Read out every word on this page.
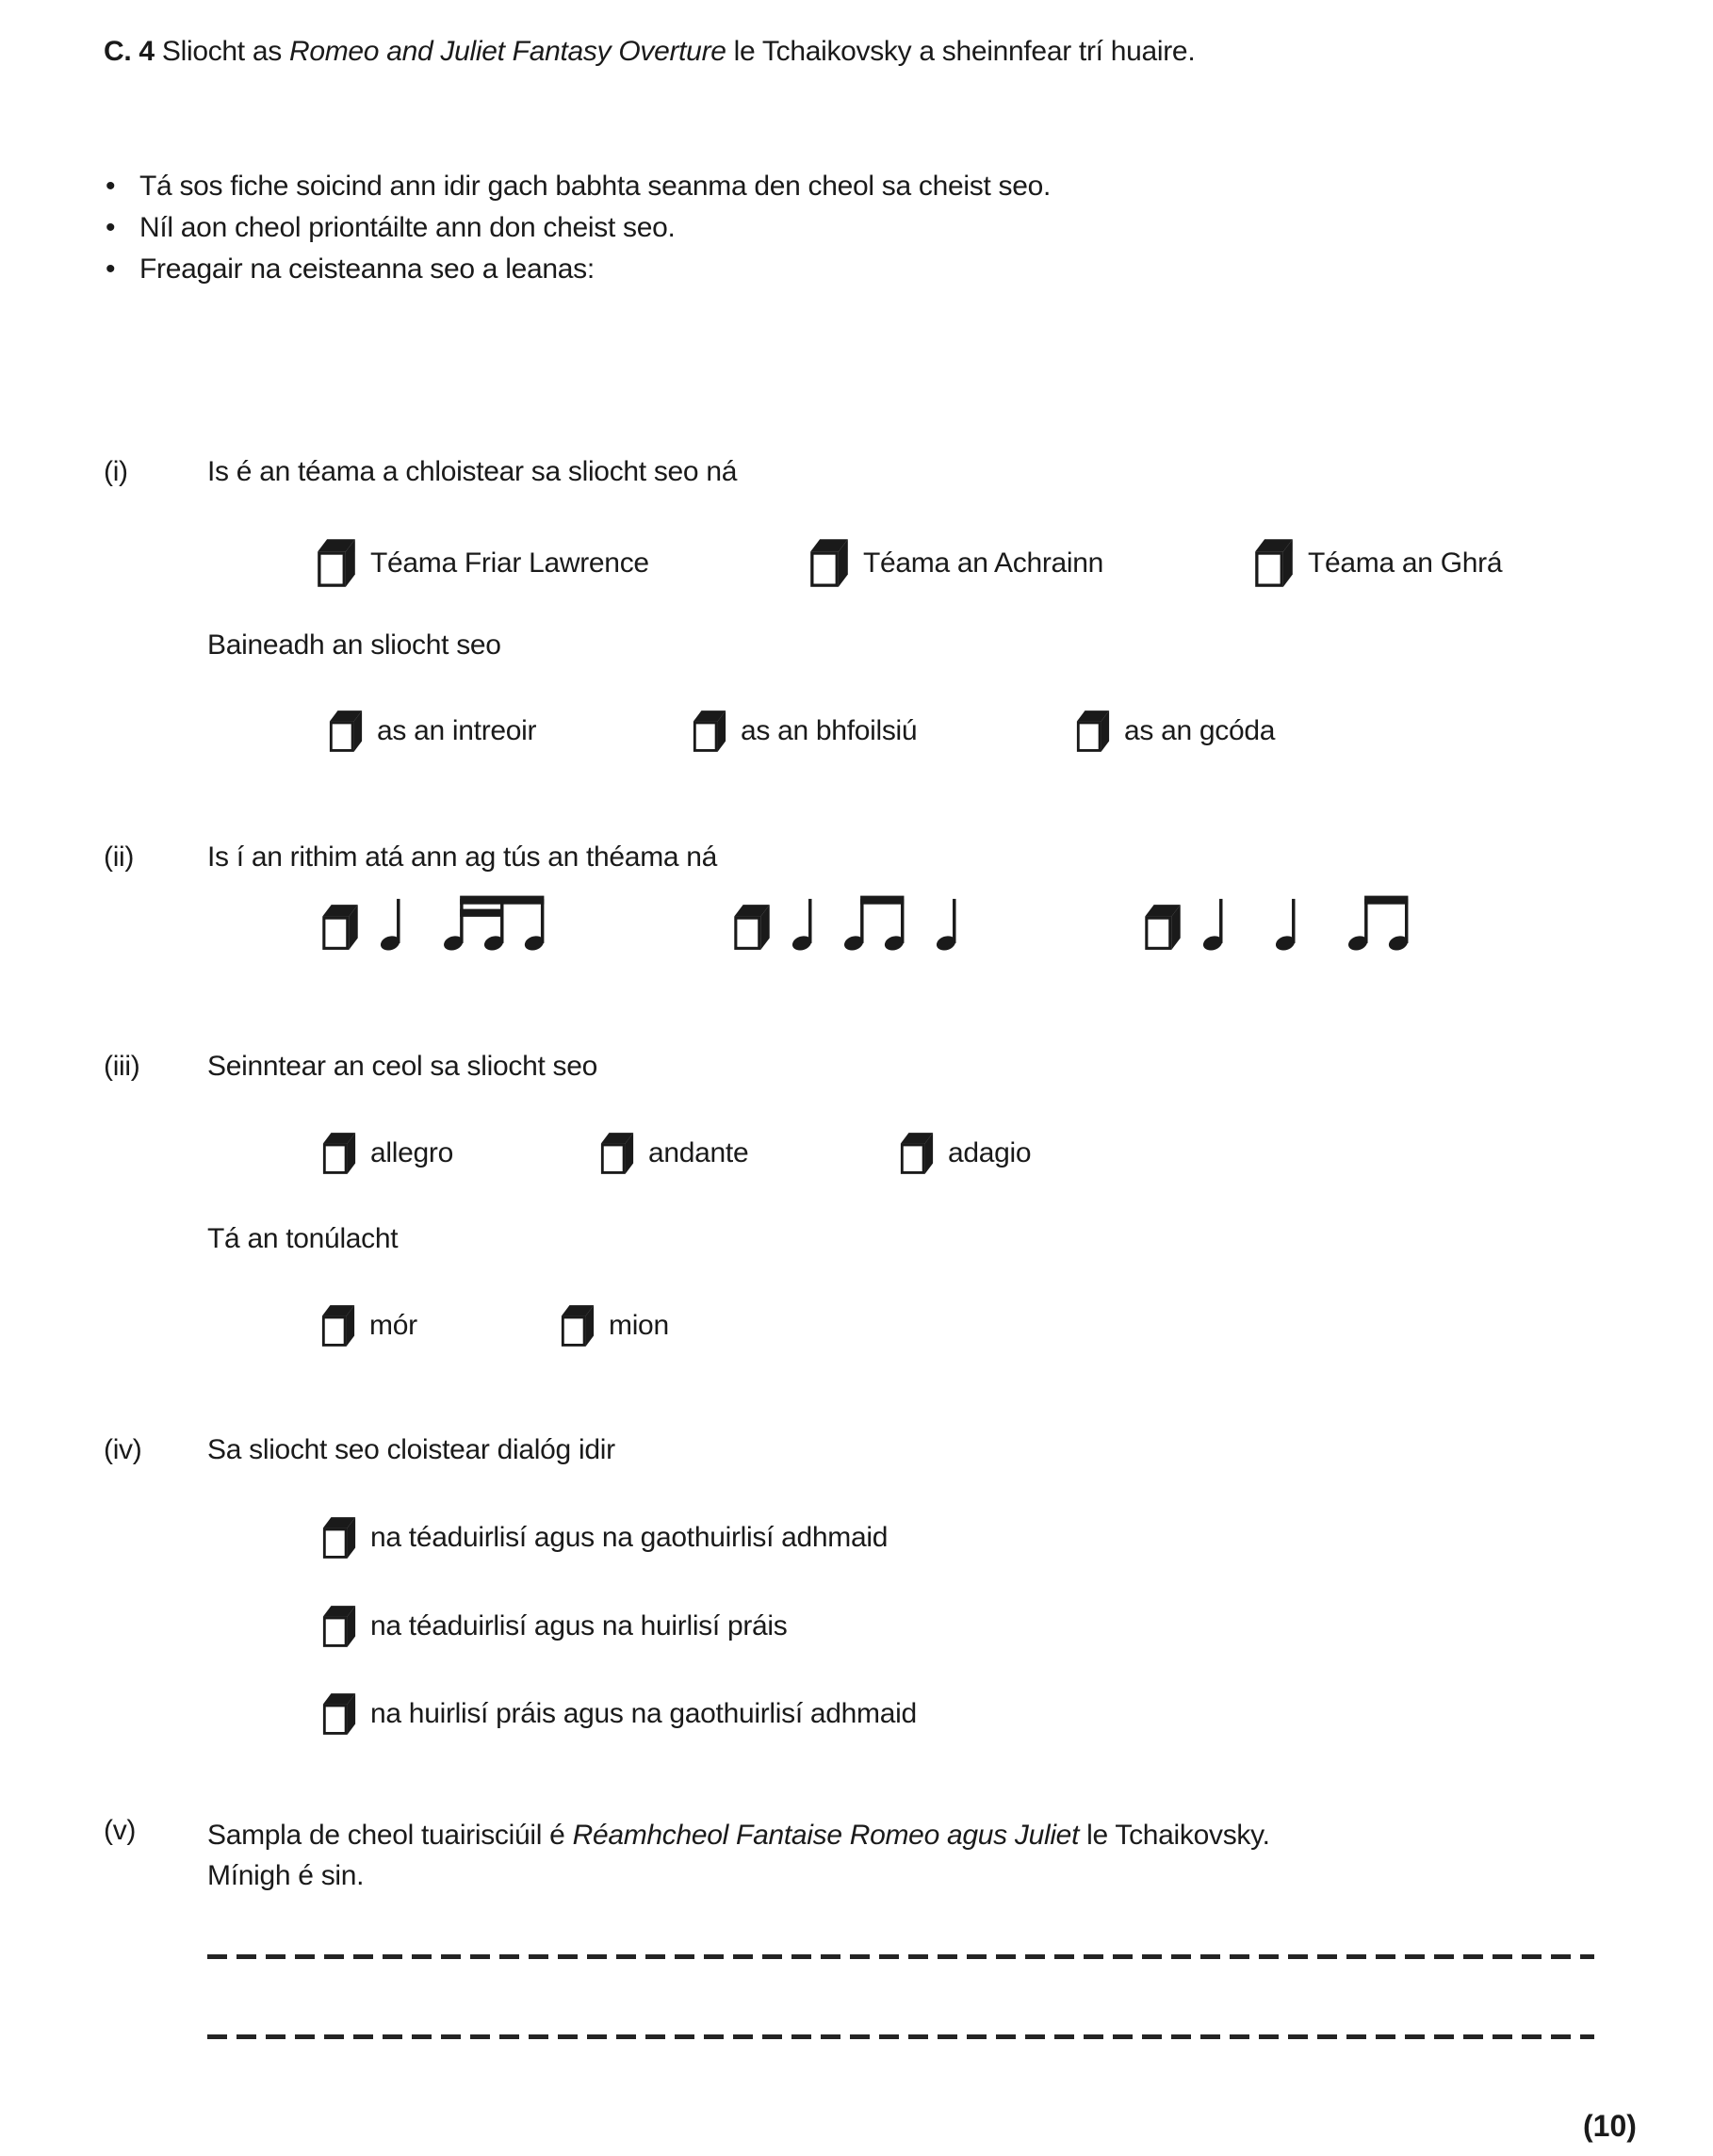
C. 4 Sliocht as Romeo and Juliet Fantasy Overture le Tchaikovsky a sheinnfear trí huaire.
• Tá sos fiche soicind ann idir gach babhta seanma den cheol sa cheist seo.
• Níl aon cheol priontáilte ann don cheist seo.
• Freagair na ceisteanna seo a leanas:
(i)	Is é an téama a chloistear sa sliocht seo ná
Téama Friar Lawrence	Téama an Achrainn	Téama an Ghrá
Baineadh an sliocht seo
as an intreoir	as an bhfoilsiú	as an gcóda
(ii)	Is í an rithim atá ann ag tús an théama ná
(iii) Seinntear an ceol sa sliocht seo
allegro	andante	adagio
Tá an tonúlacht
mór	mion
(iv) Sa sliocht seo cloistear dialóg idir
na téaduirlisí agus na gaothuirlisí adhmaid
na téaduirlisí agus na huirlisí práis
na huirlisí práis agus na gaothuirlisí adhmaid
(v)	Sampla de cheol tuairisciúil é Réamhcheol Fantaise Romeo agus Juliet le Tchaikovsky.
Mínigh é sin.
(10)
